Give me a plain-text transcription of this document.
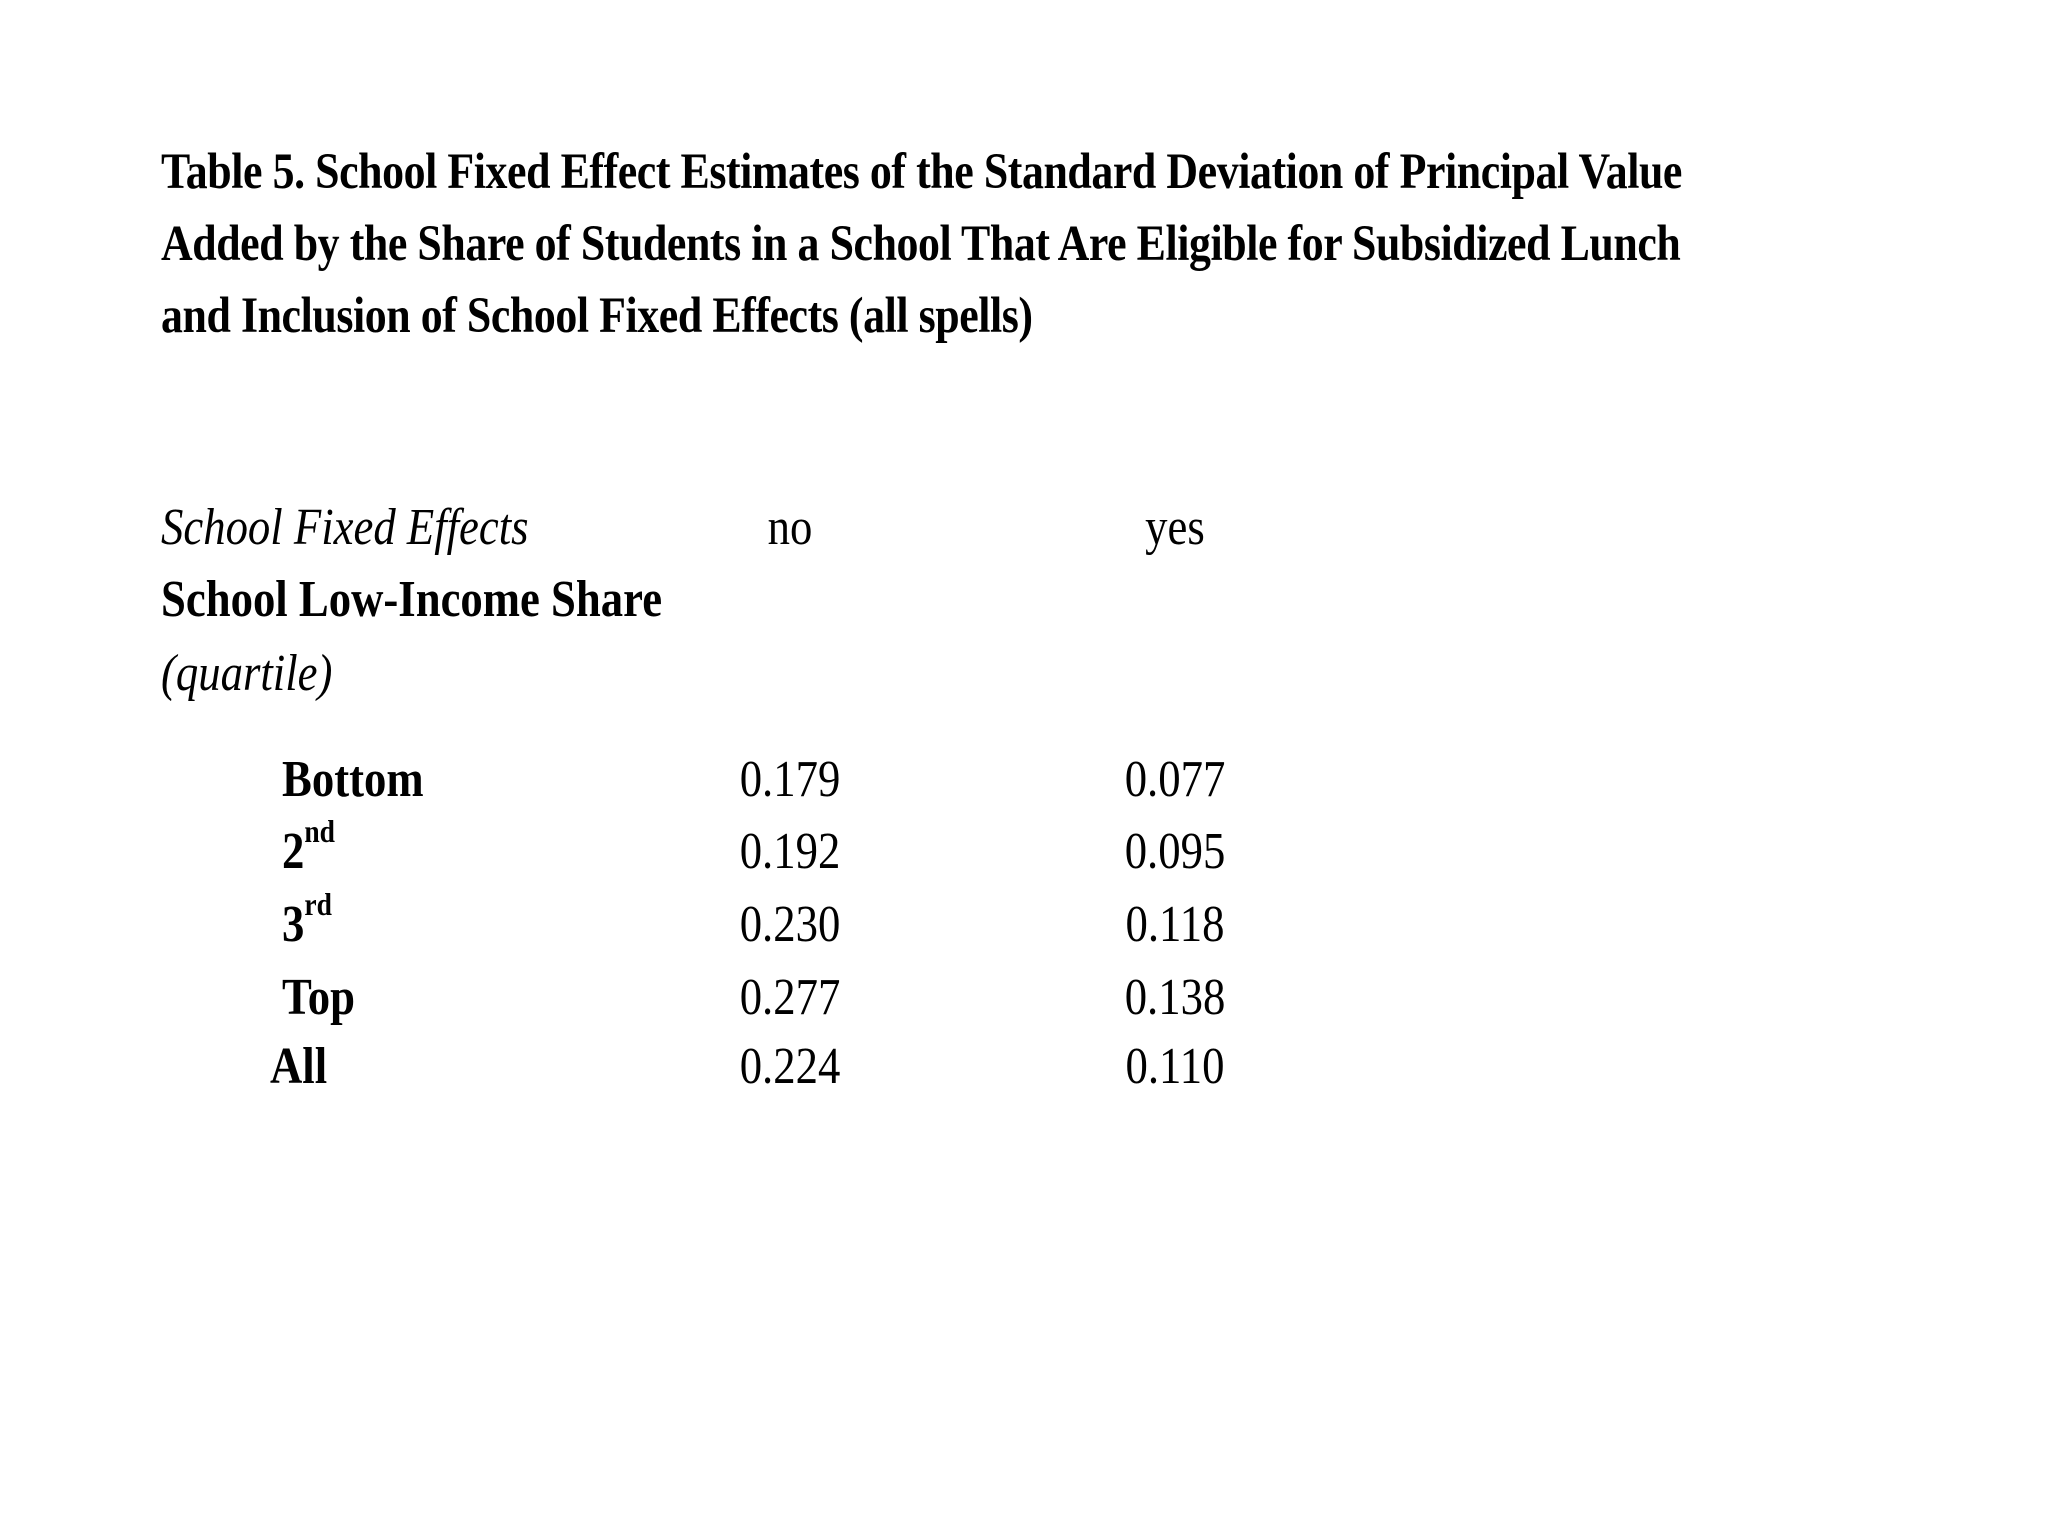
Table 5. School Fixed Effect Estimates of the Standard Deviation of Principal Value
Added by the Share of Students in a School That Are Eligible for Subsidized Lunch
and Inclusion of School Fixed Effects (all spells)
School Fixed Effects	no	yes
School Low-Income Share
(quartile)
Bottom	0.179	0.077
2nd	0.192	0.095
3rd	0.230	0.118
Top	0.277	0.138
All	0.224	0.110
